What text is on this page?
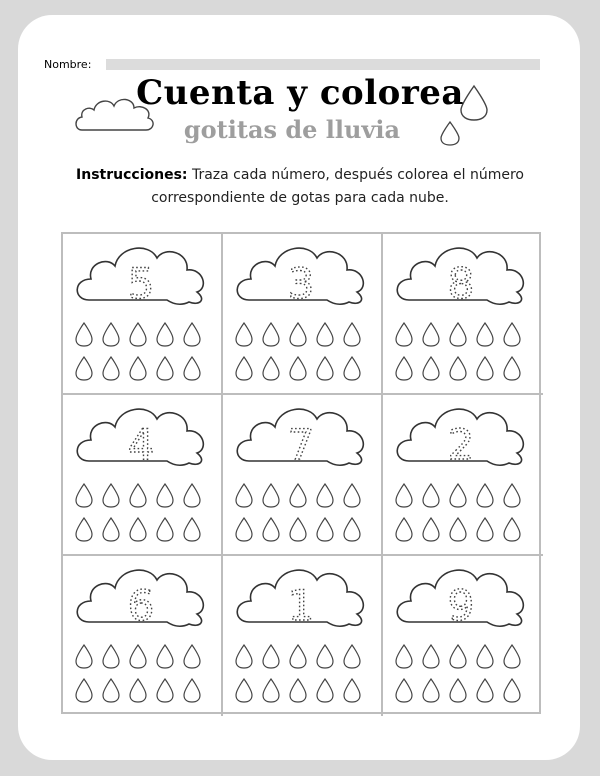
Nombre:
Cuenta y colorea
gotitas de lluvia
Instrucciones: Traza cada número, después colorea el número
correspondiente de gotas para cada nube.
5	3	8
4	7	2
6	1	9
